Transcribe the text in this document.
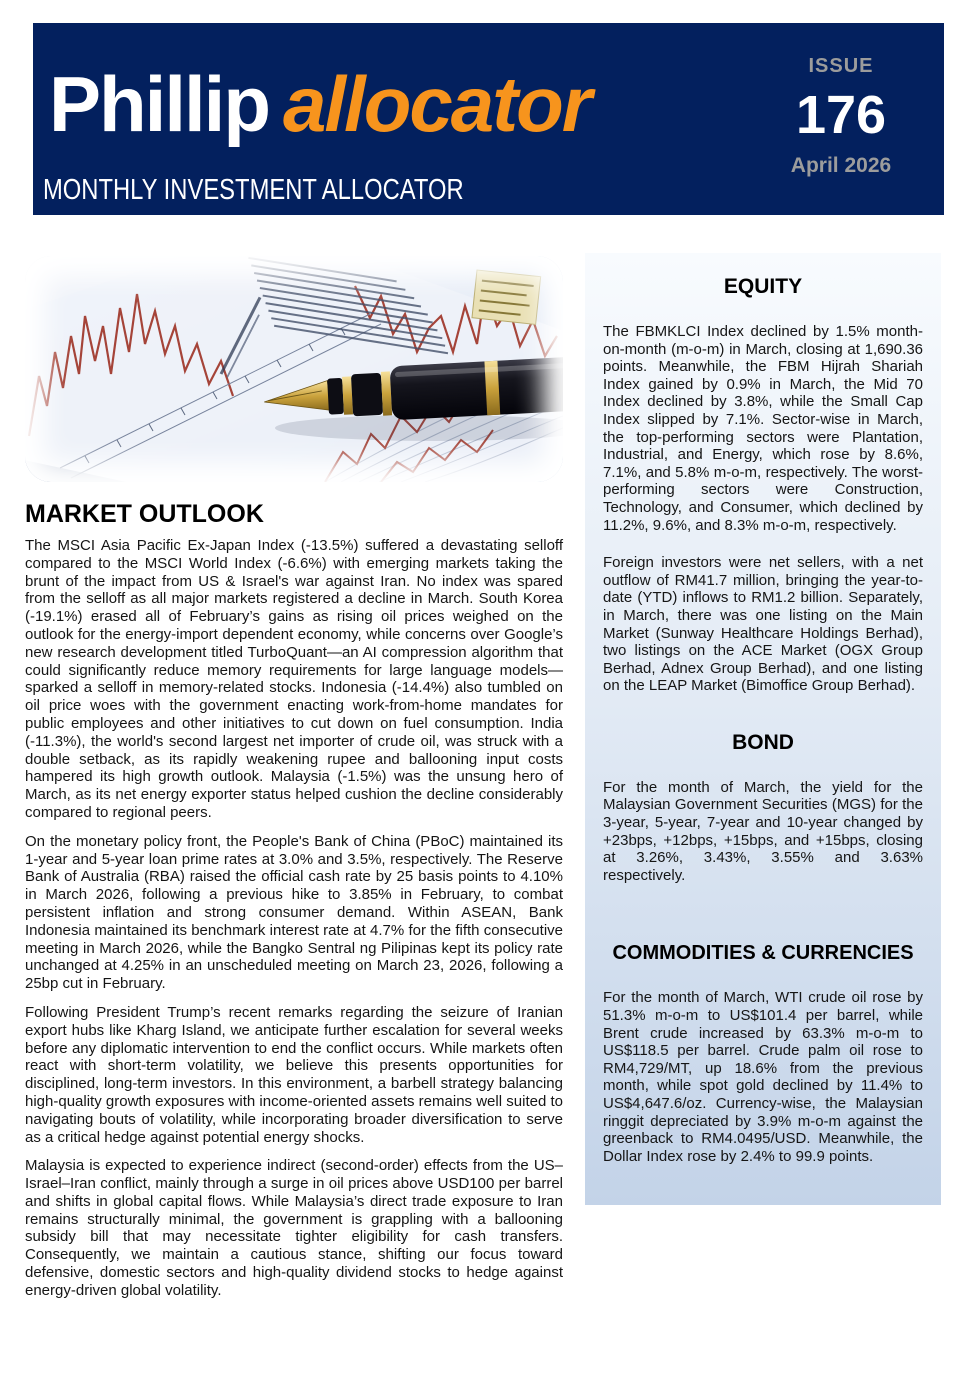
Phillip allocator	ISSUE
176
April 2026
MONTHLY INVESTMENT ALLOCATOR
MARKET OUTLOOK

The MSCI Asia Pacific Ex-Japan Index (-13.5%) suffered a devastating selloff compared to the MSCI World Index (-6.6%) with emerging markets taking the brunt of the impact from US & Israel's war against Iran. No index was spared from the selloff as all major markets registered a decline in March. South Korea (-19.1%) erased all of February’s gains as rising oil prices weighed on the outlook for the energy-import dependent economy, while concerns over Google’s new research development titled TurboQuant—an AI compression algorithm that could significantly reduce memory requirements for large language models—sparked a selloff in memory-related stocks. Indonesia (-14.4%) also tumbled on oil price woes with the government enacting work-from-home mandates for public employees and other initiatives to cut down on fuel consumption. India (-11.3%), the world's second largest net importer of crude oil, was struck with a double setback, as its rapidly weakening rupee and ballooning input costs hampered its high growth outlook. Malaysia (-1.5%) was the unsung hero of March, as its net energy exporter status helped cushion the decline considerably compared to regional peers.

On the monetary policy front, the People's Bank of China (PBoC) maintained its 1-year and 5-year loan prime rates at 3.0% and 3.5%, respectively. The Reserve Bank of Australia (RBA) raised the official cash rate by 25 basis points to 4.10% in March 2026, following a previous hike to 3.85% in February, to combat persistent inflation and strong consumer demand. Within ASEAN, Bank Indonesia maintained its benchmark interest rate at 4.7% for the fifth consecutive meeting in March 2026, while the Bangko Sentral ng Pilipinas kept its policy rate unchanged at 4.25% in an unscheduled meeting on March 23, 2026, following a 25bp cut in February.

Following President Trump’s recent remarks regarding the seizure of Iranian export hubs like Kharg Island, we anticipate further escalation for several weeks before any diplomatic intervention to end the conflict occurs. While markets often react with short-term volatility, we believe this presents opportunities for disciplined, long-term investors. In this environment, a barbell strategy balancing high-quality growth exposures with income-oriented assets remains well suited to navigating bouts of volatility, while incorporating broader diversification to serve as a critical hedge against potential energy shocks.

Malaysia is expected to experience indirect (second-order) effects from the US–Israel–Iran conflict, mainly through a surge in oil prices above USD100 per barrel and shifts in global capital flows. While Malaysia’s direct trade exposure to Iran remains structurally minimal, the government is grappling with a ballooning subsidy bill that may necessitate tighter eligibility for cash transfers. Consequently, we maintain a cautious stance, shifting our focus toward defensive, domestic sectors and high-quality dividend stocks to hedge against energy-driven global volatility.

EQUITY

The FBMKLCI Index declined by 1.5% month-on-month (m-o-m) in March, closing at 1,690.36 points. Meanwhile, the FBM Hijrah Shariah Index gained by 0.9% in March, the Mid 70 Index declined by 3.8%, while the Small Cap Index slipped by 7.1%. Sector-wise in March, the top-performing sectors were Plantation, Industrial, and Energy, which rose by 8.6%, 7.1%, and 5.8% m-o-m, respectively. The worst-performing sectors were Construction, Technology, and Consumer, which declined by 11.2%, 9.6%, and 8.3% m-o-m, respectively.

Foreign investors were net sellers, with a net outflow of RM41.7 million, bringing the year-to-date (YTD) inflows to RM1.2 billion. Separately, in March, there was one listing on the Main Market (Sunway Healthcare Holdings Berhad), two listings on the ACE Market (OGX Group Berhad, Adnex Group Berhad), and one listing on the LEAP Market (Bimoffice Group Berhad).

BOND

For the month of March, the yield for the Malaysian Government Securities (MGS) for the 3-year, 5-year, 7-year and 10-year changed by +23bps, +12bps, +15bps, and +15bps, closing at 3.26%, 3.43%, 3.55% and 3.63% respectively.

COMMODITIES & CURRENCIES

For the month of March, WTI crude oil rose by 51.3% m-o-m to US$101.4 per barrel, while Brent crude increased by 63.3% m-o-m to US$118.5 per barrel. Crude palm oil rose to RM4,729/MT, up 18.6% from the previous month, while spot gold declined by 11.4% to US$4,647.6/oz. Currency-wise, the Malaysian ringgit depreciated by 3.9% m-o-m against the greenback to RM4.0495/USD. Meanwhile, the Dollar Index rose by 2.4% to 99.9 points.
